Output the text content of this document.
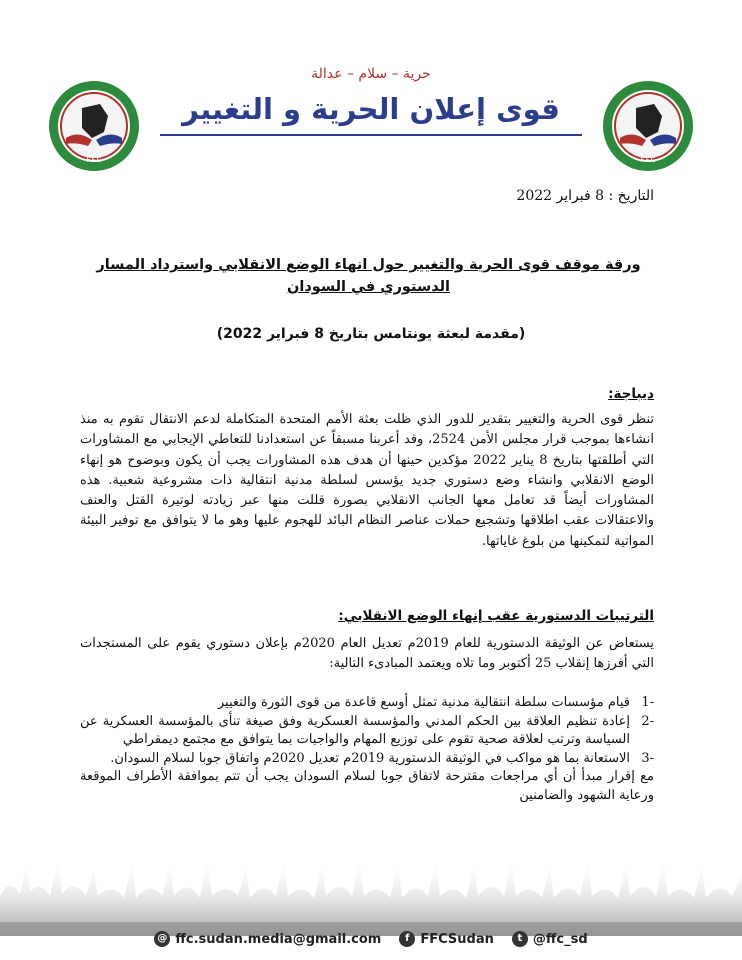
F.F.C	F.F.C
حرية – سلام – عدالة
قوى إعلان الحرية و التغيير
التاريخ : 8 فبراير 2022
ورقة موقف قوى الحرية والتغيير حول انهاء الوضع الانقلابي واسترداد المسار الدستوري في السودان
(مقدمة لبعثة يونتامس بتاريخ 8 فبراير 2022)
ديباجة:
تنظر قوى الحرية والتغيير بتقدير للدور الذي ظلت بعثة الأمم المتحدة المتكاملة لدعم الانتقال تقوم به منذ انشاءها بموجب قرار مجلس الأمن 2524، وقد أعربنا مسبقاً عن استعدادنا للتعاطي الإيجابي مع المشاورات التي أطلقتها بتاريخ 8 يناير 2022 مؤكدين حينها أن هدف هذه المشاورات يجب أن يكون وبوضوح هو إنهاء الوضع الانقلابي وانشاء وضع دستوري جديد يؤسس لسلطة مدنية انتقالية ذات مشروعية شعبية. هذه المشاورات أيضاً قد تعامل معها الجانب الانقلابي بصورة قللت منها عبر زيادته لوتيرة القتل والعنف والاعتقالات عقب اطلاقها وتشجيع حملات عناصر النظام البائد للهجوم عليها وهو ما لا يتوافق مع توفير البيئة المواتية لتمكينها من بلوغ غاياتها.
الترتيبات الدستورية عقب إنهاء الوضع الانقلابي:
يستعاض عن الوثيقة الدستورية للعام 2019م تعديل العام 2020م بإعلان دستوري يقوم على المستجدات التي أفرزها إنقلاب 25 أكتوبر وما تلاه ويعتمد المبادىء التالية:
-1
قيام مؤسسات سلطة انتقالية مدنية تمثل أوسع قاعدة من قوى الثورة والتغيير
-2
إعادة تنظيم العلاقة بين الحكم المدني والمؤسسة العسكرية وفق صيغة تنأى بالمؤسسة العسكرية عن السياسة وترتب لعلاقة صحية تقوم على توزيع المهام والواجبات بما يتوافق مع مجتمع ديمقراطي
-3
الاستعانة بما هو مواكب في الوثيقة الدستورية 2019م تعديل 2020م واتفاق جوبا لسلام السودان.
مع إقرار مبدأ أن أي مراجعات مقترحة لاتفاق جوبا لسلام السودان يجب أن تتم بموافقة الأطراف الموقعة ورعاية الشهود والضامنين
@ ffc.sudan.media@gmail.com	f FFCSudan	t @ffc_sd
